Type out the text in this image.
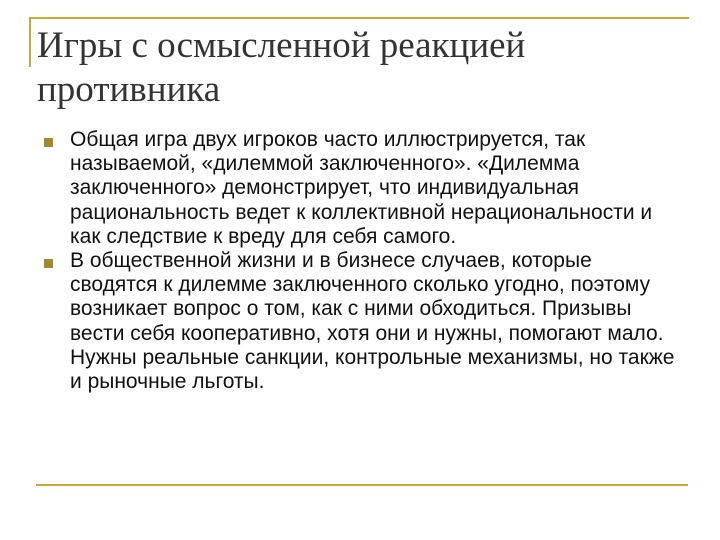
Игры с осмысленной реакцией противника
Общая игра двух игроков часто иллюстрируется, так называемой, «дилеммой заключенного». «Дилемма заключенного» демонстрирует, что индивидуальная рациональность ведет к коллективной нерациональности и как следствие к вреду для себя самого.
В общественной жизни и в бизнесе случаев, которые сводятся к дилемме заключенного сколько угодно, поэтому возникает вопрос о том, как с ними обходиться. Призывы вести себя кооперативно, хотя они и нужны, помогают мало. Нужны реальные санкции, контрольные механизмы, но также и рыночные льготы.
